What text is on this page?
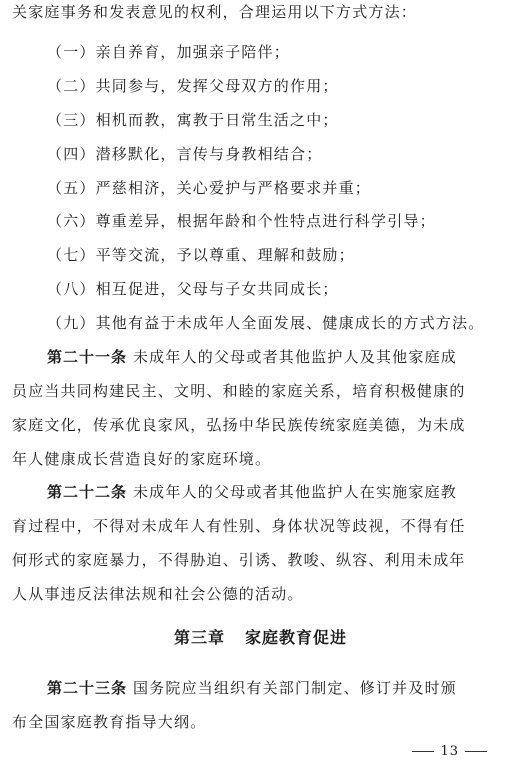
关家庭事务和发表意见的权利，合理运用以下方式方法：
（一）亲自养育，加强亲子陪伴；
（二）共同参与，发挥父母双方的作用；
（三）相机而教，寓教于日常生活之中；
（四）潜移默化，言传与身教相结合；
（五）严慈相济，关心爱护与严格要求并重；
（六）尊重差异，根据年龄和个性特点进行科学引导；
（七）平等交流，予以尊重、理解和鼓励；
（八）相互促进，父母与子女共同成长；
（九）其他有益于未成年人全面发展、健康成长的方式方法。
第二十一条 未成年人的父母或者其他监护人及其他家庭成
员应当共同构建民主、文明、和睦的家庭关系，培育积极健康的
家庭文化，传承优良家风，弘扬中华民族传统家庭美德，为未成
年人健康成长营造良好的家庭环境。
第二十二条 未成年人的父母或者其他监护人在实施家庭教
育过程中，不得对未成年人有性别、身体状况等歧视，不得有任
何形式的家庭暴力，不得胁迫、引诱、教唆、纵容、利用未成年
人从事违反法律法规和社会公德的活动。
第三章 家庭教育促进
第二十三条 国务院应当组织有关部门制定、修订并及时颁
布全国家庭教育指导大纲。
13
